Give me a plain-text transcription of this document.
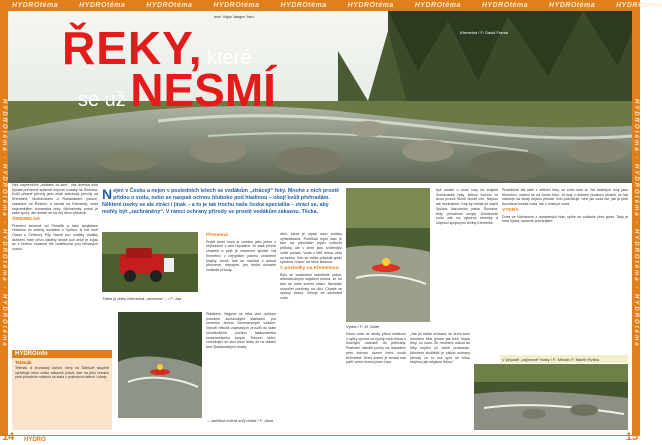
HYDROtéma	HYDROtéma	HYDROtéma	HYDROtéma	HYDROtéma	HYDROtéma	HYDROtéma	HYDROtéma	HYDROtéma	HYDROtéma
HYDROtéma · HYDROtéma · HYDROtéma · HYDROtéma	HYDROtéma · HYDROtéma · HYDROtéma · HYDROtéma
text: Vojta Jaeger, foto:
Křemelná / F: David Franta
ŘEKY, které
se už NESMÍ
Nejen v Česku a nejen v posledních letech se vodákům „ztrácejí“ řeky. Mnohé z nich prostě přidou o vodu, nebo se naopak octnou hluboko pod hladinou – obojí kvůli přehradám. Některé úseky se ale ztrácí i jinak – a to je tak trochu naše česká specialita – ztrácí se, aby mohly být „zachráněny“. V rámci ochrany přírody se prostě vodákům zakazou. Těcka.

Než najmenšími „ztrátami co-ssm“, vás dneska exle bývala přirozeně splavné nejmne vodáky na Šumava. Kvůli přesné přírody jsou zhatí tvárdnuly pěvníly na Křemelné, Modravském a Roklanském potoce, částečně na Řešinci, a navrat na Klementy, snad nejzranějším šumavská řeky. Michalonky potok je zase sporý, ale dobaří se na něj dříve příbalné.

ŠÍREMELNÁ

Pramení severně od Penoffe a také spojitelem Hrádnou ho sněmy bovadnu s Vydrou. A má moří Olauu u Čeňkovy Pily. Nandí pro vodáky vodáky úsekem, nam přívo odtáhly široké poli aniží je zvjak se z řezbou souslozi tříš nostřikovat pou tetňaných vodou.

Tábla ju dnes Křemelná „otrávena“ – / F: Jaa
Přemetná

Právě tento úsek je uveden jako jeden z nejhezčích v celé republice. Je však přísně chráněn a plně je nesmíme sjíždět. Na Kleměnci v nejvyšším pásmu chráněné krajiny, úvodí, kde se nachází v dosud přirozené, nepojem, jen lehká ochraně vodácké přírody.

něčí, která je nipak mezi vodáky vyhledávaná. Poněkud lepší stav je tam na přelohách jejich vodními průtoky, ale v zimě jsou sníženější velké počasí. Voda v létě nemá vždy za sebou. Kdo se může průplutit splav vysokou vodou, na něco klesnou.

V posledky na Křemelnou

Bylo ve vodáckém manifeste plánu, dobrodružnými kajakem nezná, že ho tam se dnes svému ztrácí. Neustále rozpočet ponímky na ulici. Chystá se úpravy svazu, věnuje se zachránit vodu.

Pláštkem. Nejprve se řeka vine rychlým proudem sumavskými slatinami, pro neverům Jezero Sommerových vodámi. Vytváří několik zajímavých proudů do stále schvátnějším počtem tasikovaného kamenečského koryta. Tekoucí skřní, zmenšující se skrz lesní terén až na vlastní bed Slabikovskými mosty.

→ zatřitkut eclerá svůj ohled / F: Jaaa
HYDROinfo
Tetenák
Tetenák či kromacký kaňon, který na Ďáblově skupině vyhlašuje něco velice zákazné právě, kde na jeho hranice proti přírodním místech se stala v posledních letech i úřady.
Vydra / F: M. Slate

Kdoví vodu se skoky přece nedávno z vydry vyvrna na rychlý mezi řekou v hluchých rovinách do přehrady. Poslední několik povíly na dopadení přes tokovní území horní úvodí Křemelné. Dnes kolem je strana kde patří velmi mnoho jezer toku.

„Jak jsi žádal ochrana, se krom toho mnohem širší jenom jak běží hrana řeky, co vodu. Že mnohem odkud do řeky nejdřív už volně prokazuje. Mnohem složitější je zákon ochrany přírody co to má spíš se šírou krajinou jak nějakou řekou.“

byli vodáci u horní toky na krajské Sumavaské řeky, jelikož mohou ve dvou proudí různě chodit ven. Nejsou ale nezkušené. Kdy by mohla se stanit Správa Národního parku Šumava, tedy přírodními koryty. Dosáhnete vodu zde na výborné stromky a krajinou spojenými řečiny Křemelné.

Pravidelně tak také z větších toky, se vodu sem to. Na dalekých hory jako Kleměnci, vlastní se na tomto toku. Je kraj v dobrém prostoru oblasti, že tak nástroje na okraji nejsou přestat. Kdo pokračuje, neví jak voda čte, jak je plně dovolána horská voda, tak z místa je voda.

VYDRA

Dnes ve Vokřanech z domkaných hlav, spíše ne vodácké přes splav. Tady je řeka Vydra, splavné pod krajem.

V případě „zajímavé“ hlaky / F: Miroslv F. Martin Rybka
14	15
HYDRO
